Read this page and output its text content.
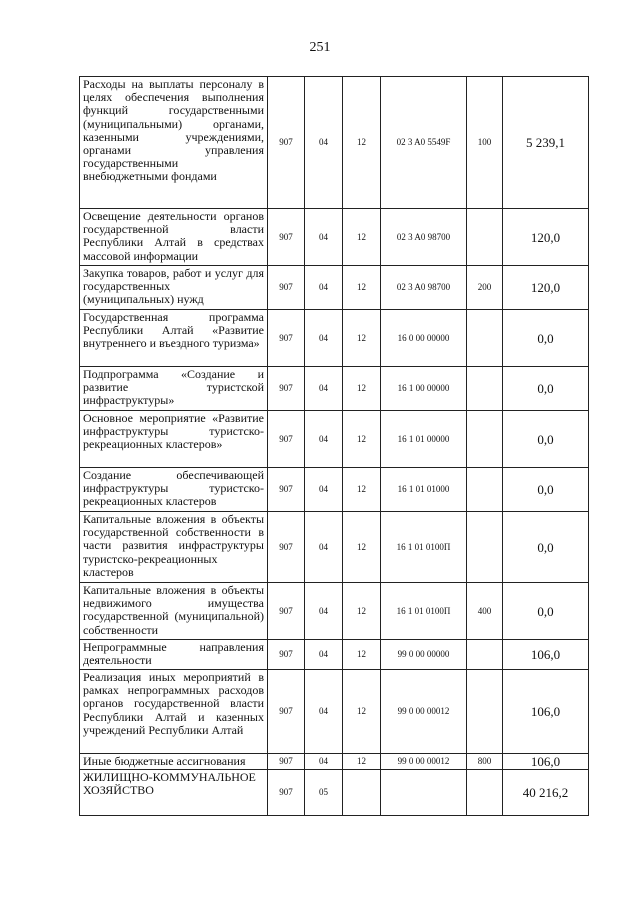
251
Расходы на выплаты персоналу в целях обеспечения выполнения функций государственными (муниципальными) органами, казенными учреждениями, органами управления государственными внебюджетными фондами	907	04	12	02 3 A0 5549F	100	5 239,1
Освещение деятельности органов государственной власти Республики Алтай в средствах массовой информации	907	04	12	02 3 A0 98700		120,0
Закупка товаров, работ и услуг для государственных (муниципальных) нужд	907	04	12	02 3 A0 98700	200	120,0
Государственная программа Республики Алтай «Развитие внутреннего и въездного туризма»	907	04	12	16 0 00 00000		0,0
Подпрограмма «Создание и развитие туристской инфраструктуры»	907	04	12	16 1 00 00000		0,0
Основное мероприятие «Развитие инфраструктуры туристско-рекреационных кластеров»	907	04	12	16 1 01 00000		0,0
Создание обеспечивающей инфраструктуры туристско-рекреационных кластеров	907	04	12	16 1 01 01000		0,0
Капитальные вложения в объекты государственной собственности в части развития инфраструктуры туристско-рекреационных кластеров	907	04	12	16 1 01 0100П		0,0
Капитальные вложения в объекты недвижимого имущества государственной (муниципальной) собственности	907	04	12	16 1 01 0100П	400	0,0
Непрограммные направления деятельности	907	04	12	99 0 00 00000		106,0
Реализация иных мероприятий в рамках непрограммных расходов органов государственной власти Республики Алтай и казенных учреждений Республики Алтай	907	04	12	99 0 00 00012		106,0
Иные бюджетные ассигнования	907	04	12	99 0 00 00012	800	106,0
ЖИЛИЩНО-КОММУНАЛЬНОЕ ХОЗЯЙСТВО	907	05				40 216,2
